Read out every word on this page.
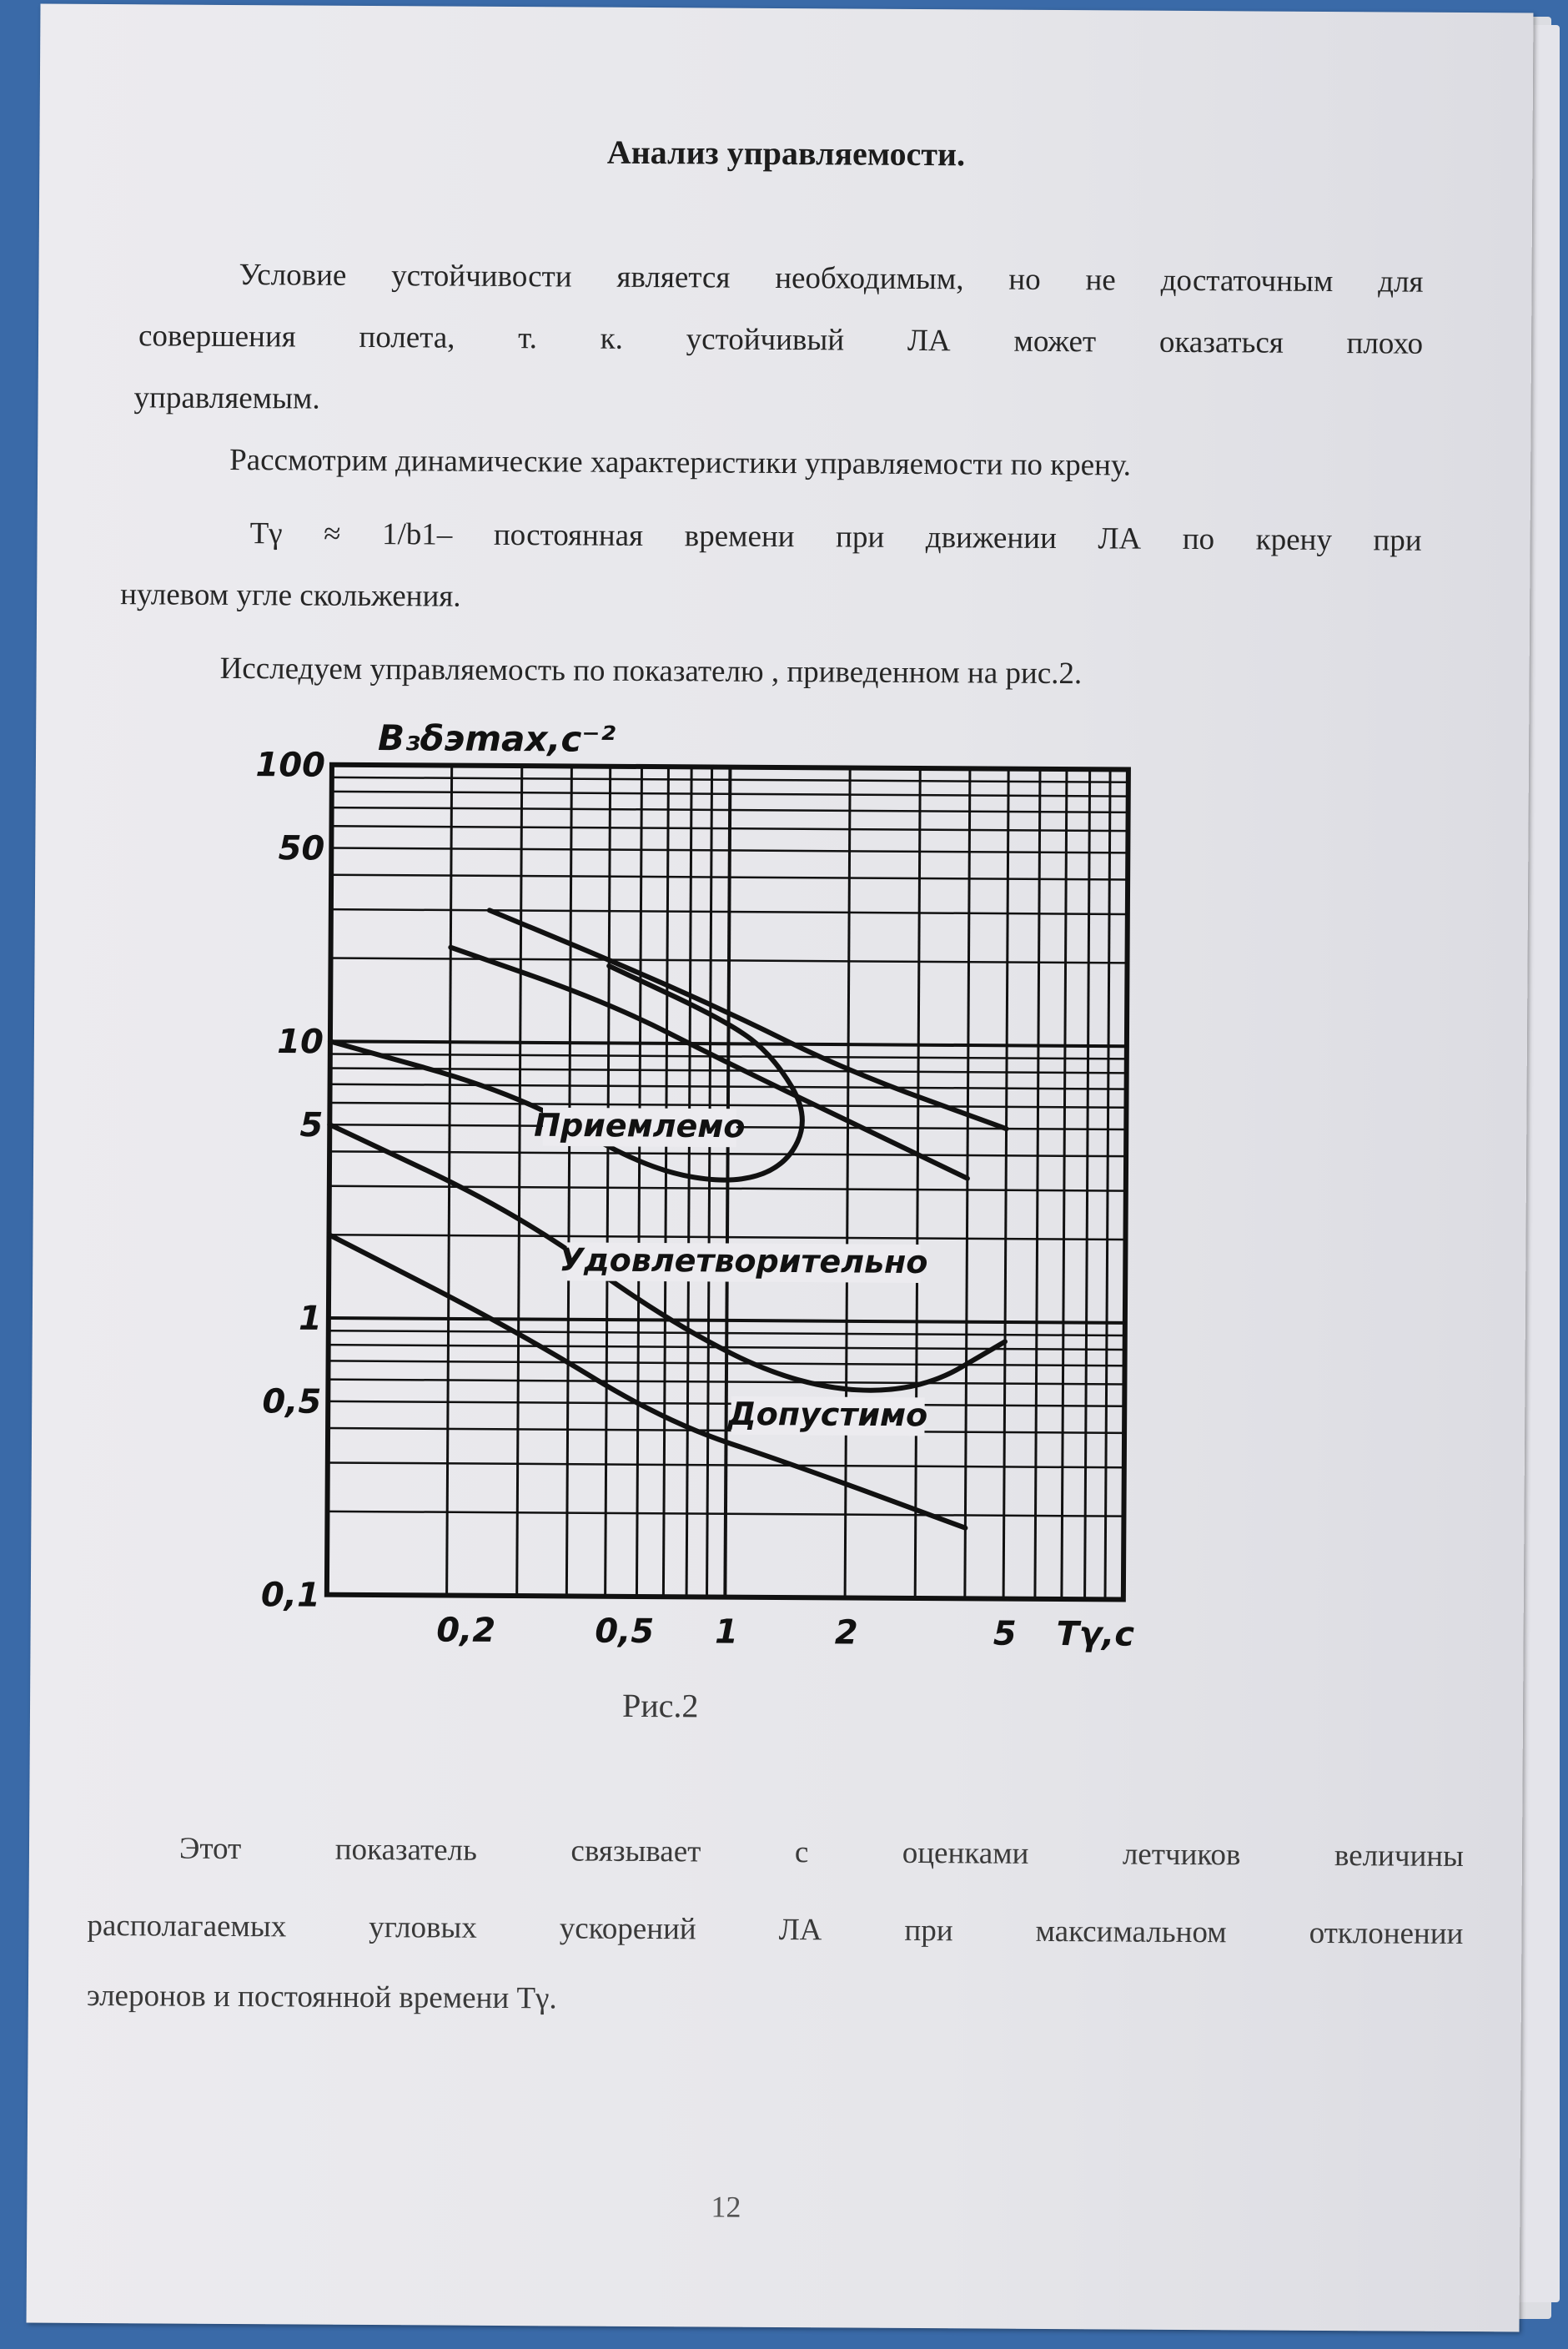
Анализ управляемости.
Условие устойчивости является необходимым, но не достаточным для
совершения полета, т. к. устойчивый ЛА может оказаться плохо
управляемым.
Рассмотрим динамические характеристики управляемости по крену.
Tγ ≈ 1/b1– постоянная времени при движении ЛА по крену при
нулевом угле скольжения.
Исследуем управляемость по показателю , приведенном на рис.2.
0,2	0,5 1	2	5
100
50
10
5
1
0,5
0,1
B₃δэmax,c⁻²
Tγ,c
Приемлемо
Удовлетворительно
Допустимо
Рис.2
Этот показатель связывает с оценками летчиков величины
располагаемых угловых ускорений ЛА при максимальном отклонении
элеронов и постоянной времени Tγ.
12
